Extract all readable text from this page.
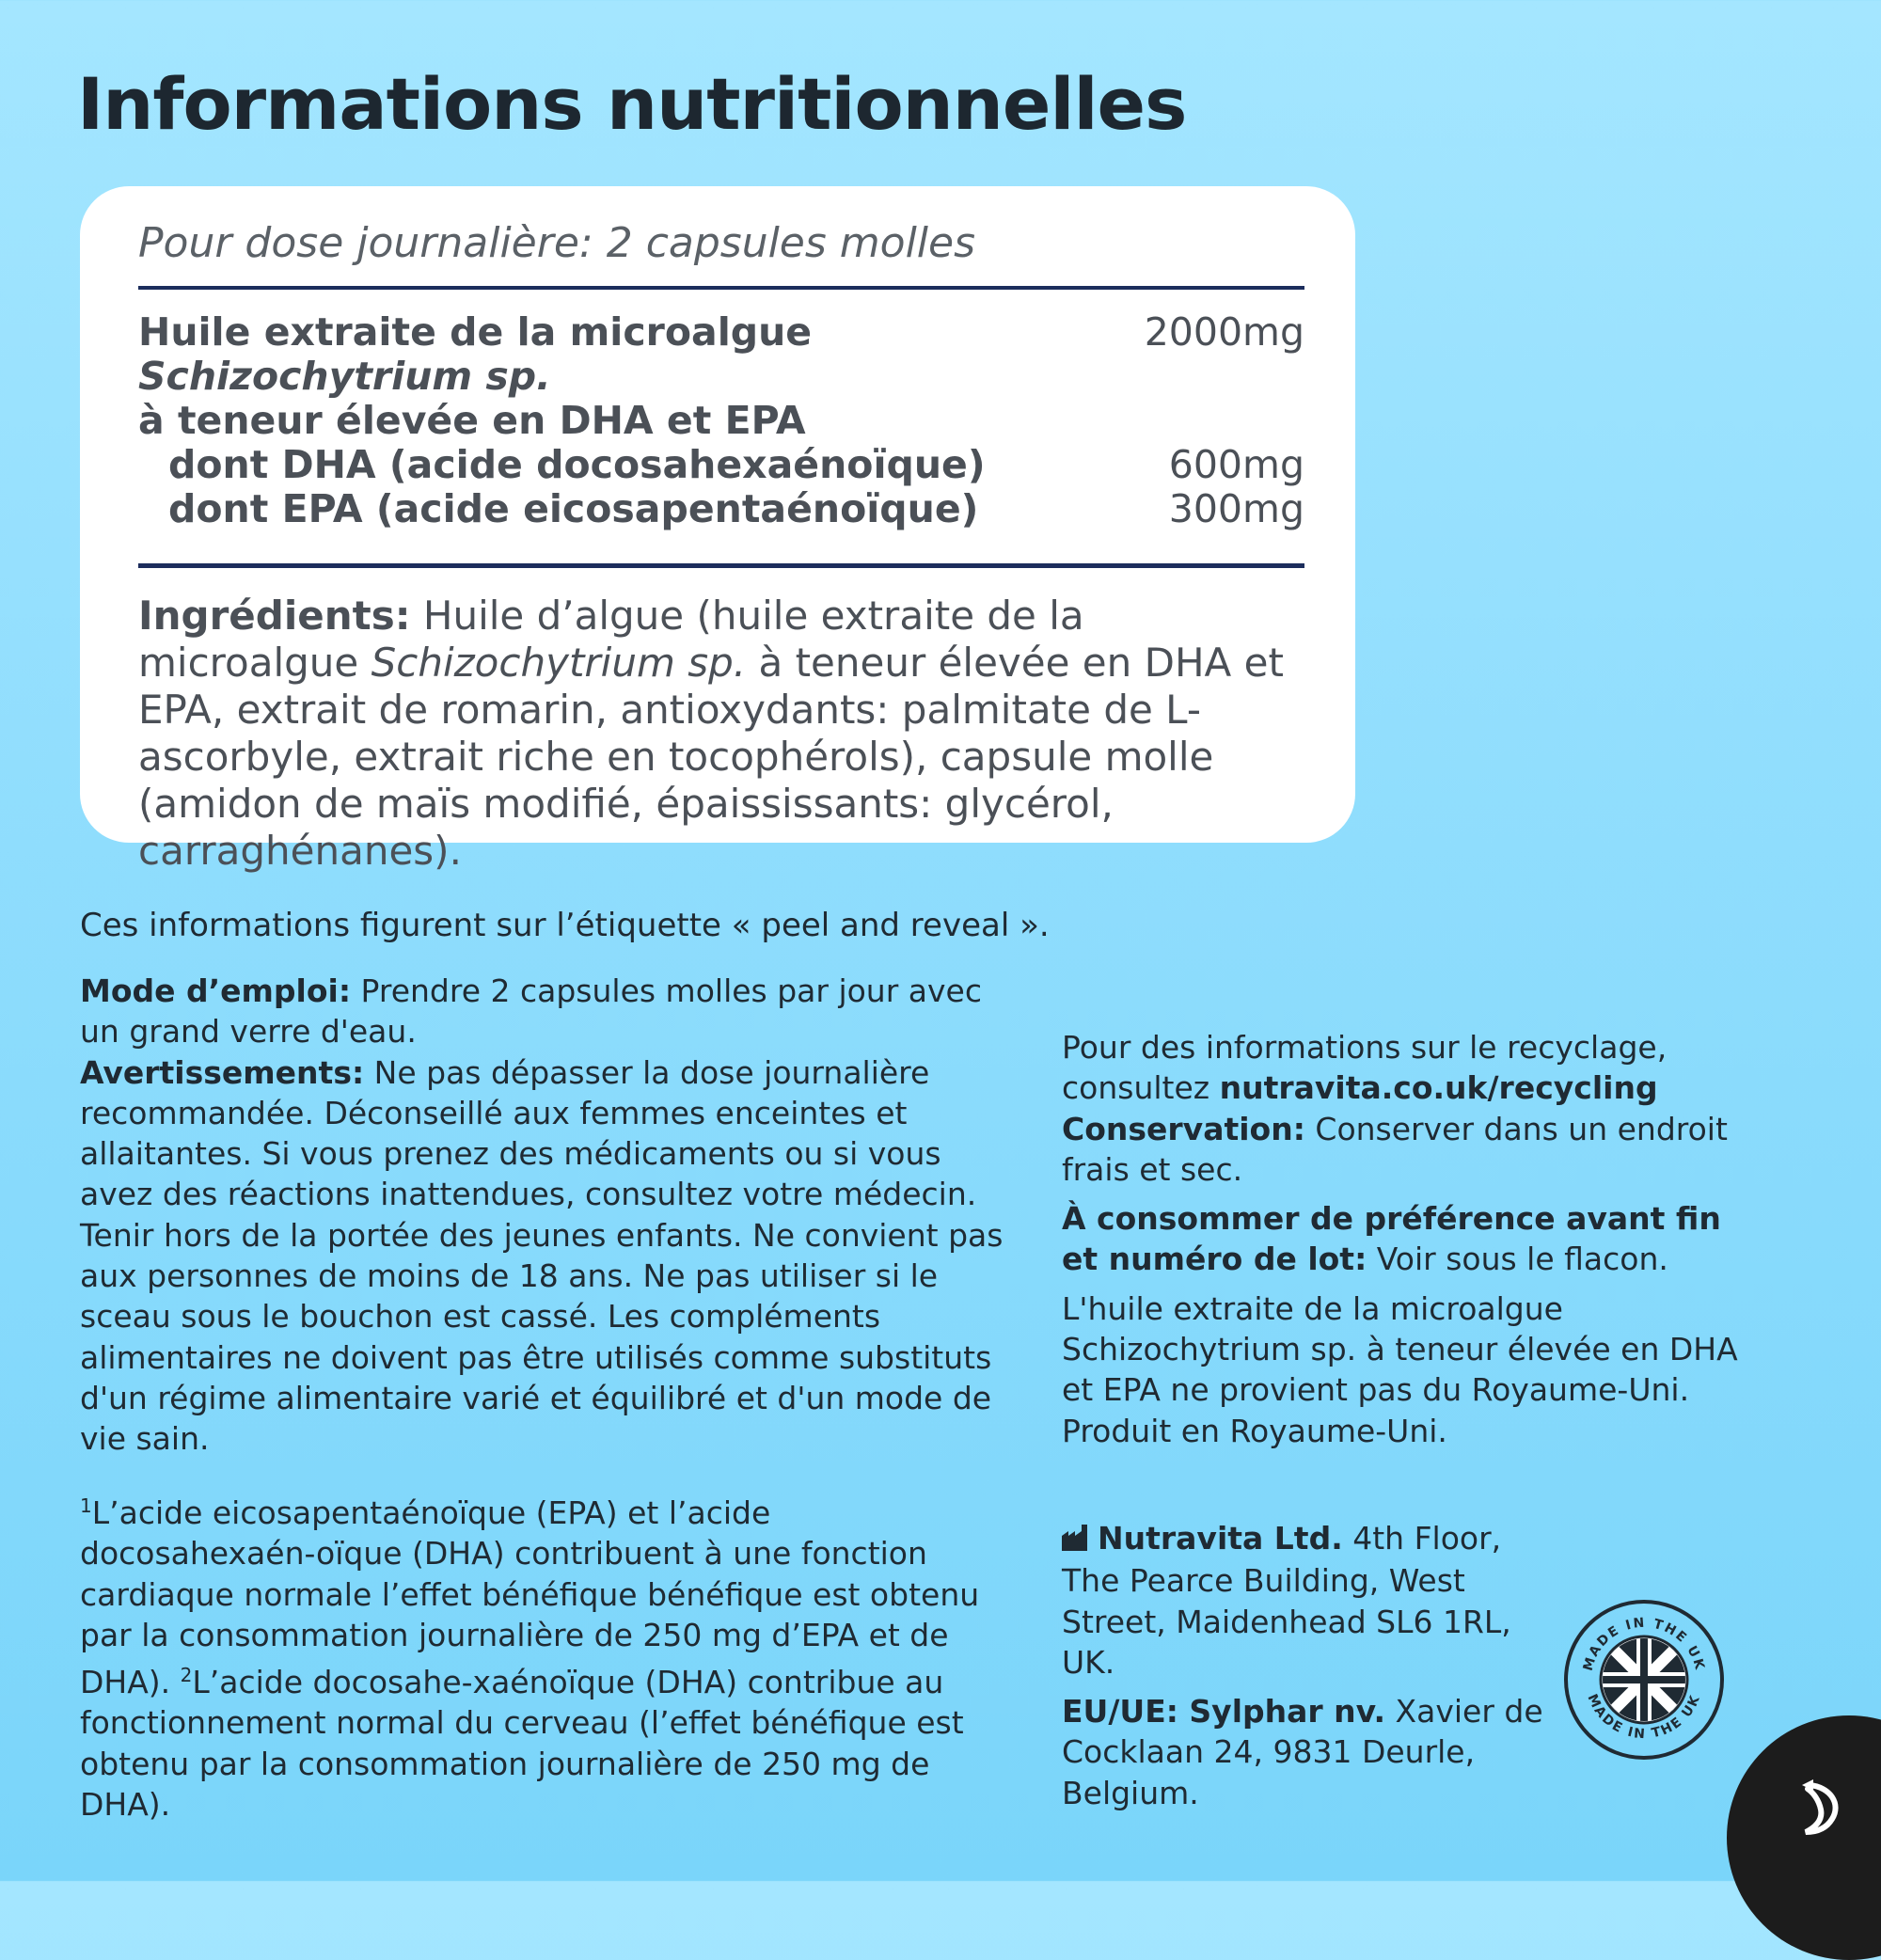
Informations nutritionnelles
Pour dose journalière: 2 capsules molles
Huile extraite de la microalgue Schizochytrium sp.
2000mg
à teneur élevée en DHA et EPA
dont DHA (acide docosahexaénoïque)	600mg
dont EPA (acide eicosapentaénoïque)	300mg
Ingrédients: Huile d’algue (huile extraite de la microalgue Schizochytrium sp. à teneur élevée en DHA et EPA, extrait de romarin, antioxydants: palmitate de L-ascorbyle, extrait riche en tocophérols), capsule molle (amidon de maïs modifié, épaississants: glycérol, carraghénanes).
Ces informations figurent sur l’étiquette « peel and reveal ».

Mode d’emploi: Prendre 2 capsules molles par jour avec un grand verre d'eau.

Avertissements: Ne pas dépasser la dose journalière recommandée. Déconseillé aux femmes enceintes et allaitantes. Si vous prenez des médicaments ou si vous avez des réactions inattendues, consultez votre médecin. Tenir hors de la portée des jeunes enfants. Ne convient pas aux personnes de moins de 18 ans. Ne pas utiliser si le sceau sous le bouchon est cassé. Les compléments alimentaires ne doivent pas être utilisés comme substituts d'un régime alimentaire varié et équilibré et d'un mode de vie sain.

$^1$L’acide eicosapentaénoïque (EPA) et l’acide docosahexaén-oïque (DHA) contribuent à une fonction cardiaque normale l’effet bénéfique bénéfique est obtenu par la consommation journalière de 250 mg d’EPA et de DHA). $^2$L’acide docosahe-xaénoïque (DHA) contribue au fonctionnement normal du cerveau (l’effet bénéfique est obtenu par la consommation journalière de 250 mg de DHA).

Pour des informations sur le recyclage, consultez nutravita.co.uk/recycling

Conservation: Conserver dans un endroit frais et sec.

À consommer de préférence avant fin et numéro de lot: Voir sous le flacon.

L'huile extraite de la microalgue Schizochytrium sp. à teneur élevée en DHA et EPA ne provient pas du Royaume-Uni. Produit en Royaume-Uni.

Nutravita Ltd. 4th Floor, The Pearce Building, West Street, Maidenhead SL6 1RL, UK.

EU/UE: Sylphar nv. Xavier de Cocklaan 24, 9831 Deurle, Belgium.

MADE IN THE UK
MADE IN THE UK
